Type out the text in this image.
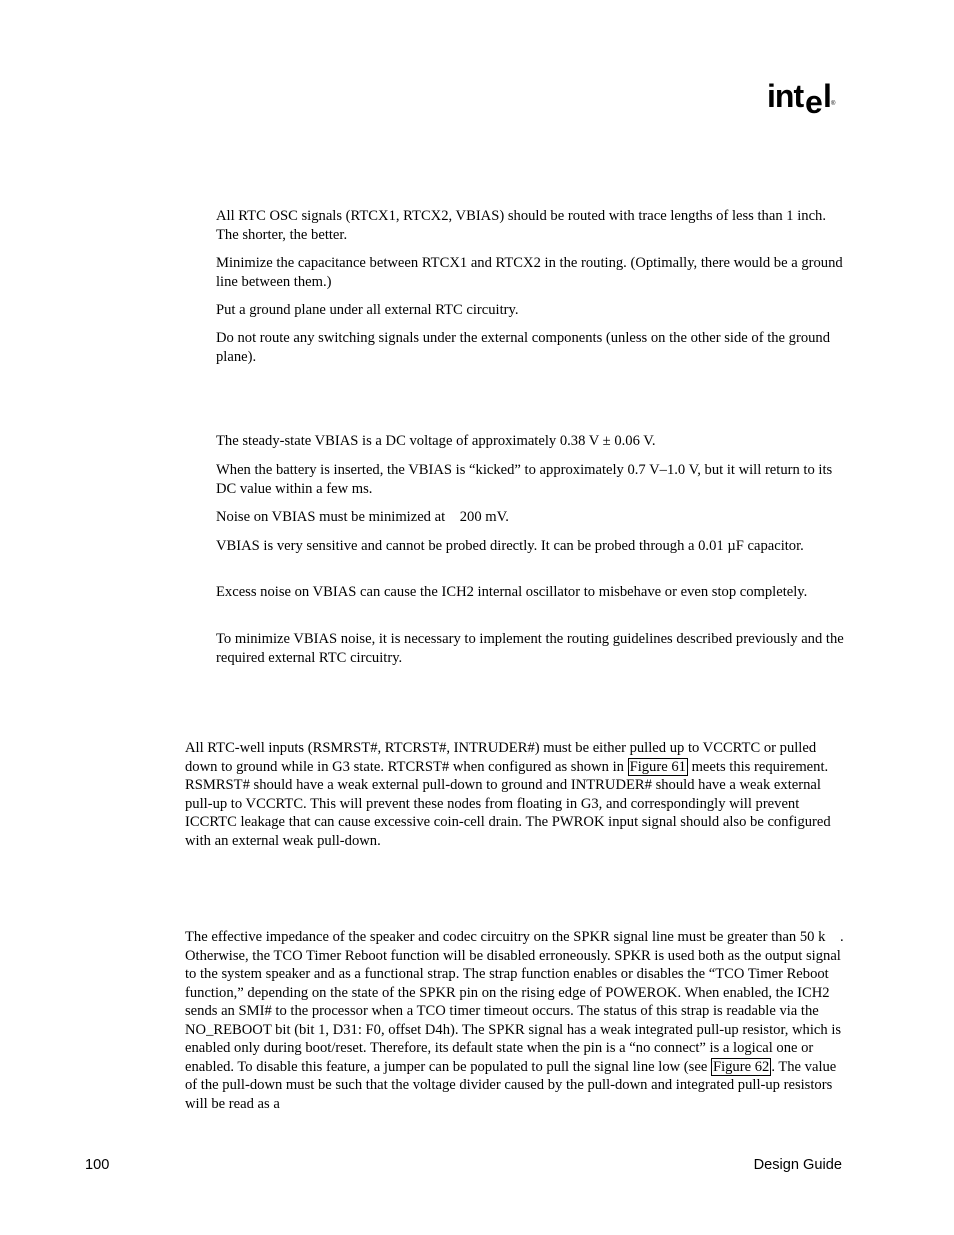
int e l ®

All RTC OSC signals (RTCX1, RTCX2, VBIAS) should be routed with trace lengths of less than 1 inch. The shorter, the better.

Minimize the capacitance between RTCX1 and RTCX2 in the routing. (Optimally, there would be a ground line between them.)

Put a ground plane under all external RTC circuitry.

Do not route any switching signals under the external components (unless on the other side of the ground plane).

The steady-state VBIAS is a DC voltage of approximately 0.38 V ± 0.06 V.

When the battery is inserted, the VBIAS is “kicked” to approximately 0.7 V–1.0 V, but it will return to its DC value within a few ms.

Noise on VBIAS must be minimized at    200 mV.

VBIAS is very sensitive and cannot be probed directly. It can be probed through a 0.01 µF capacitor.

Excess noise on VBIAS can cause the ICH2 internal oscillator to misbehave or even stop completely.

To minimize VBIAS noise, it is necessary to implement the routing guidelines described previously and the required external RTC circuitry.

All RTC-well inputs (RSMRST#, RTCRST#, INTRUDER#) must be either pulled up to VCCRTC or pulled down to ground while in G3 state. RTCRST# when configured as shown in Figure 61 meets this requirement. RSMRST# should have a weak external pull-down to ground and INTRUDER# should have a weak external pull-up to VCCRTC. This will prevent these nodes from floating in G3, and correspondingly will prevent ICCRTC leakage that can cause excessive coin-cell drain. The PWROK input signal should also be configured with an external weak pull-down.

The effective impedance of the speaker and codec circuitry on the SPKR signal line must be greater than 50 k    . Otherwise, the TCO Timer Reboot function will be disabled erroneously. SPKR is used both as the output signal to the system speaker and as a functional strap. The strap function enables or disables the “TCO Timer Reboot function,” depending on the state of the SPKR pin on the rising edge of POWEROK. When enabled, the ICH2 sends an SMI# to the processor when a TCO timer timeout occurs. The status of this strap is readable via the NO_REBOOT bit (bit 1, D31: F0, offset D4h). The SPKR signal has a weak integrated pull-up resistor, which is enabled only during boot/reset. Therefore, its default state when the pin is a “no connect” is a logical one or enabled. To disable this feature, a jumper can be populated to pull the signal line low (see Figure 62 . The value of the pull-down must be such that the voltage divider caused by the pull-down and integrated pull-up resistors will be read as a

100	Design Guide
